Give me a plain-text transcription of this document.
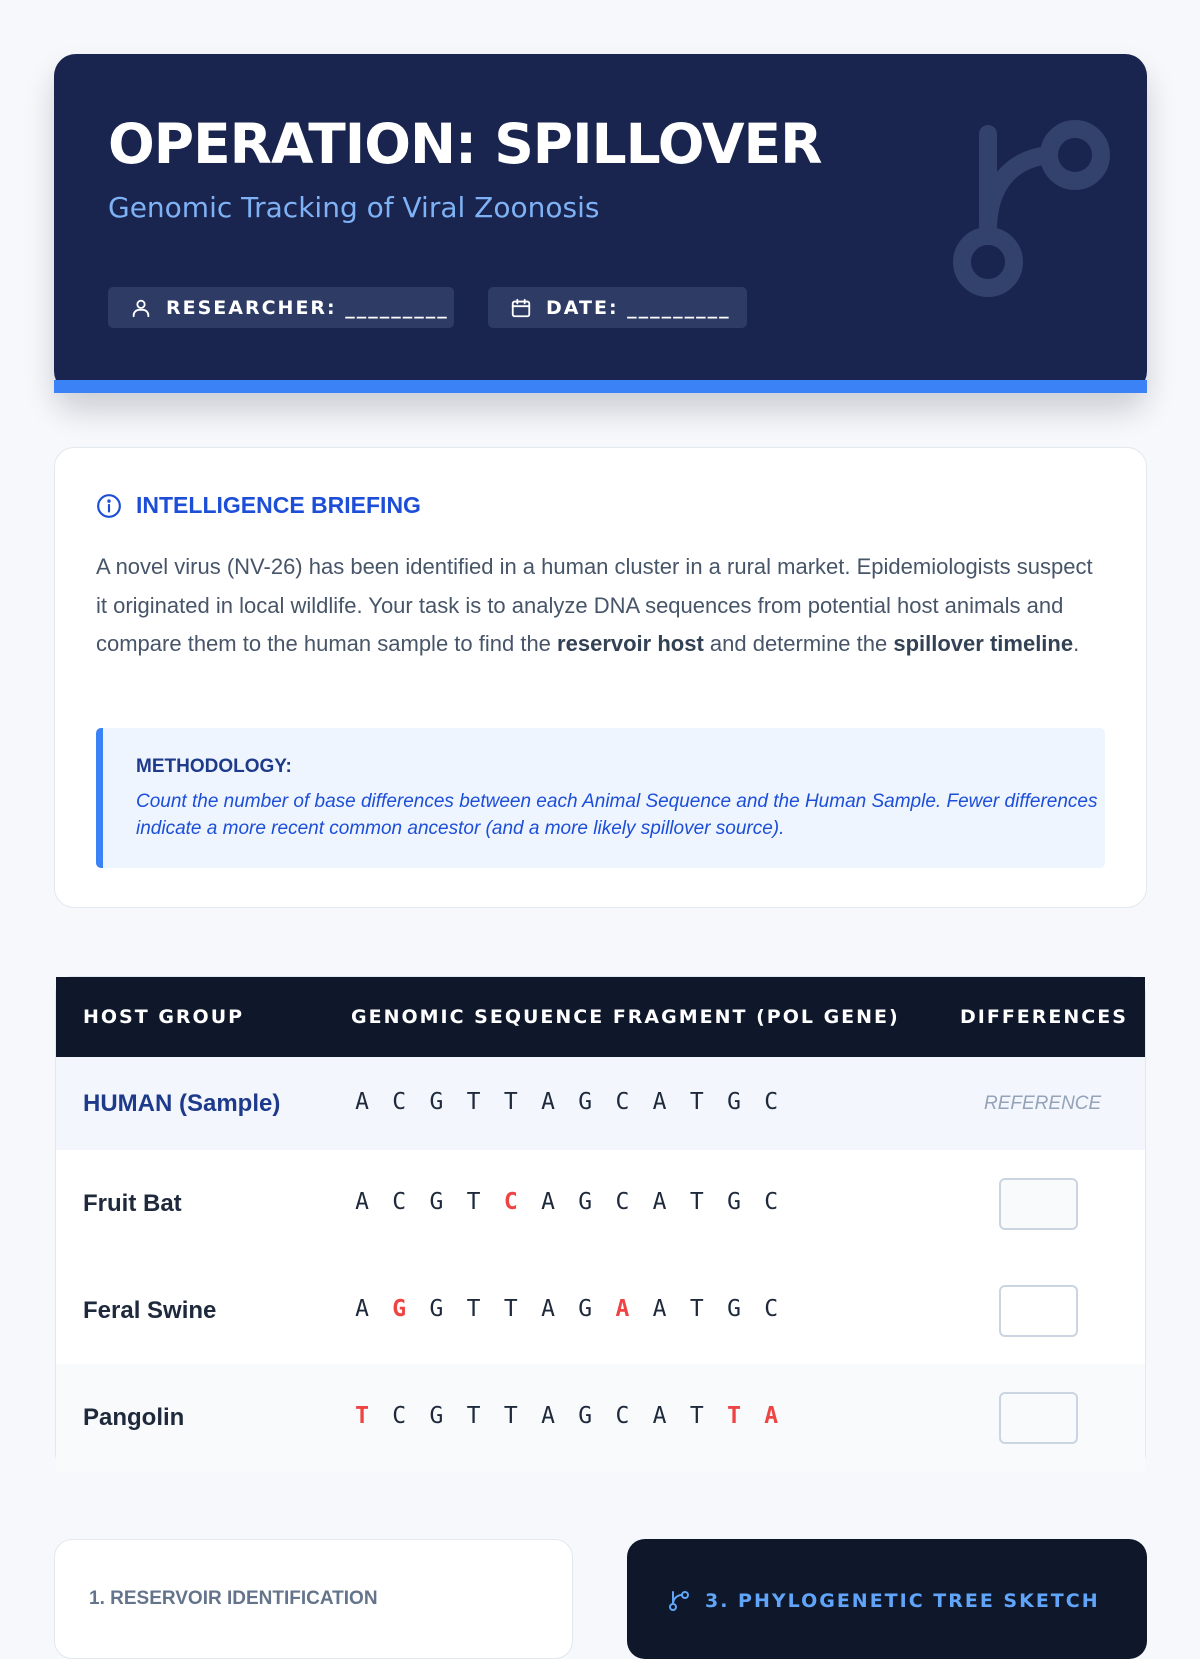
OPERATION: SPILLOVER
Genomic Tracking of Viral Zoonosis
RESEARCHER: _________	DATE: _________
INTELLIGENCE BRIEFING

A novel virus (NV-26) has been identified in a human cluster in a rural market. Epidemiologists suspect it originated in local wildlife. Your task is to analyze DNA sequences from potential host animals and compare them to the human sample to find the reservoir host and determine the spillover timeline.

METHODOLOGY:
Count the number of base differences between each Animal Sequence and the Human Sample. Fewer differences indicate a more recent common ancestor (and a more likely spillover source).
HOST GROUP	GENOMIC SEQUENCE FRAGMENT (POL GENE)	DIFFERENCES
HUMAN (Sample)	A C G T T A G C A T G C	REFERENCE
Fruit Bat	A C G T C A G C A T G C
Feral Swine	A G G T T A G A A T G C
Pangolin	T C G T T A G C A T T A
1. RESERVOIR IDENTIFICATION	3. PHYLOGENETIC TREE SKETCH
